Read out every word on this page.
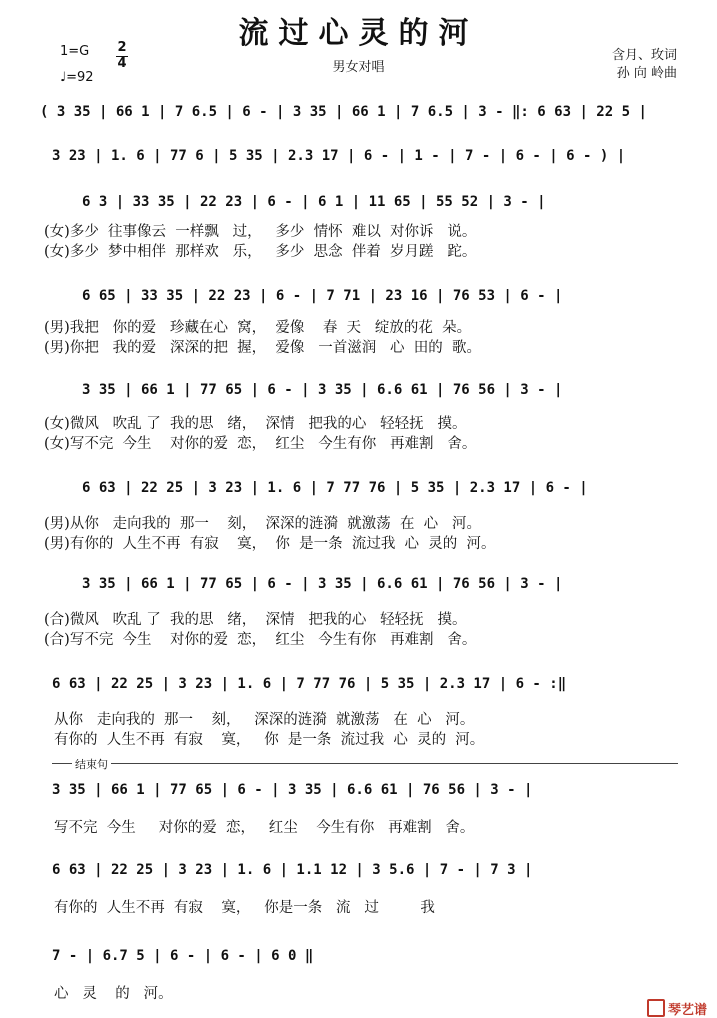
流过心灵的河
男女对唱
1=G 2
4
♩=92
含月、玫词
孙 向 岭曲
( 3 35 | 66 1 | 7 6.5 | 6 - | 3 35 | 66 1 | 7 6.5 | 3 - ‖: 6 63 | 22 5 |
3 23 | 1. 6 | 77 6 | 5 35 | 2.3 17 | 6 - | 1 - | 7 - | 6 - | 6 - ) |
6 3 | 33 35 | 22 23 | 6 - | 6 1 | 11 65 | 55 52 | 3 - |
(女)多少  往事像云  一样飘   过，   多少  情怀  难以  对你诉   说。
(女)多少  梦中相伴  那样欢   乐，   多少  思念  伴着  岁月蹉   跎。
6 65 | 33 35 | 22 23 | 6 - | 7 71 | 23 16 | 76 53 | 6 - |
(男)我把   你的爱   珍藏在心  窝，  爱像    春  天   绽放的花  朵。
(男)你把   我的爱   深深的把  握，  爱像   一首滋润   心  田的  歌。
3 35 | 66 1 | 77 65 | 6 - | 3 35 | 6.6 61 | 76 56 | 3 - |
(女)微风   吹乱 了  我的思   绪，  深情   把我的心   轻轻抚   摸。
(女)写不完  今生    对你的爱  恋，  红尘   今生有你   再难割   舍。
6 63 | 22 25 | 3 23 | 1. 6 | 7 77 76 | 5 35 | 2.3 17 | 6 - |
(男)从你   走向我的  那一    刻，  深深的涟漪  就激荡  在  心   河。
(男)有你的  人生不再  有寂    寞，  你  是一条  流过我  心  灵的  河。
3 35 | 66 1 | 77 65 | 6 - | 3 35 | 6.6 61 | 76 56 | 3 - |
(合)微风   吹乱 了  我的思   绪，  深情   把我的心   轻轻抚   摸。
(合)写不完  今生    对你的爱  恋，  红尘   今生有你   再难割   舍。
6 63 | 22 25 | 3 23 | 1. 6 | 7 77 76 | 5 35 | 2.3 17 | 6 - :‖
从你   走向我的  那一    刻，   深深的涟漪  就激荡   在  心   河。
有你的  人生不再  有寂    寞，   你  是一条  流过我  心  灵的  河。
结束句
3 35 | 66 1 | 77 65 | 6 - | 3 35 | 6.6 61 | 76 56 | 3 - |
写不完  今生     对你的爱  恋，   红尘    今生有你   再难割   舍。
6 63 | 22 25 | 3 23 | 1. 6 | 1.1 12 | 3 5.6 | 7 - | 7 3 |
有你的  人生不再  有寂    寞，   你是一条   流   过         我
7 - | 6.7 5 | 6 - | 6 - | 6 0 ‖
心   灵    的   河。

琴艺谱
